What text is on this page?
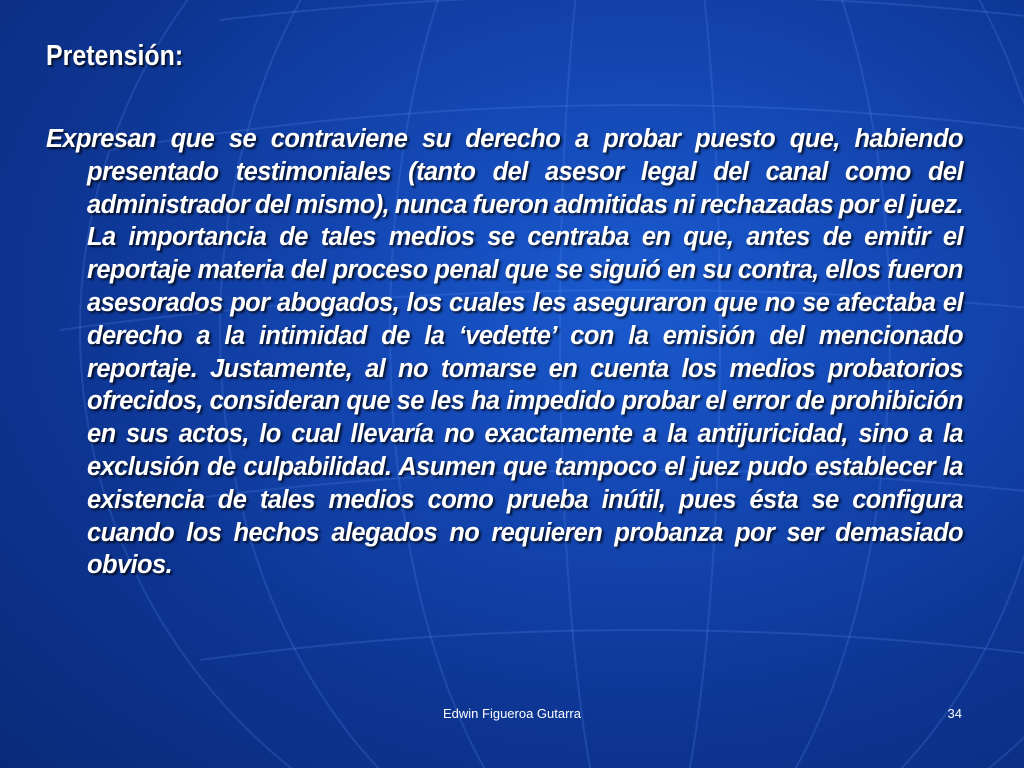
Pretensión:

Expresan que se contraviene su derecho a probar puesto que, habiendo presentado testimoniales (tanto del asesor legal del canal como del administrador del mismo), nunca fueron admitidas ni rechazadas por el juez. La importancia de tales medios se centraba en que, antes de emitir el reportaje materia del proceso penal que se siguió en su contra, ellos fueron asesorados por abogados, los cuales les aseguraron que no se afectaba el derecho a la intimidad de la ‘vedette’ con la emisión del mencionado reportaje. Justamente, al no tomarse en cuenta los medios probatorios ofrecidos, consideran que se les ha impedido probar el error de prohibición en sus actos, lo cual llevaría no exactamente a la antijuricidad, sino a la exclusión de culpabilidad. Asumen que tampoco el juez pudo establecer la existencia de tales medios como prueba inútil, pues ésta se configura cuando los hechos alegados no requieren probanza por ser demasiado obvios.

Edwin Figueroa Gutarra	34
